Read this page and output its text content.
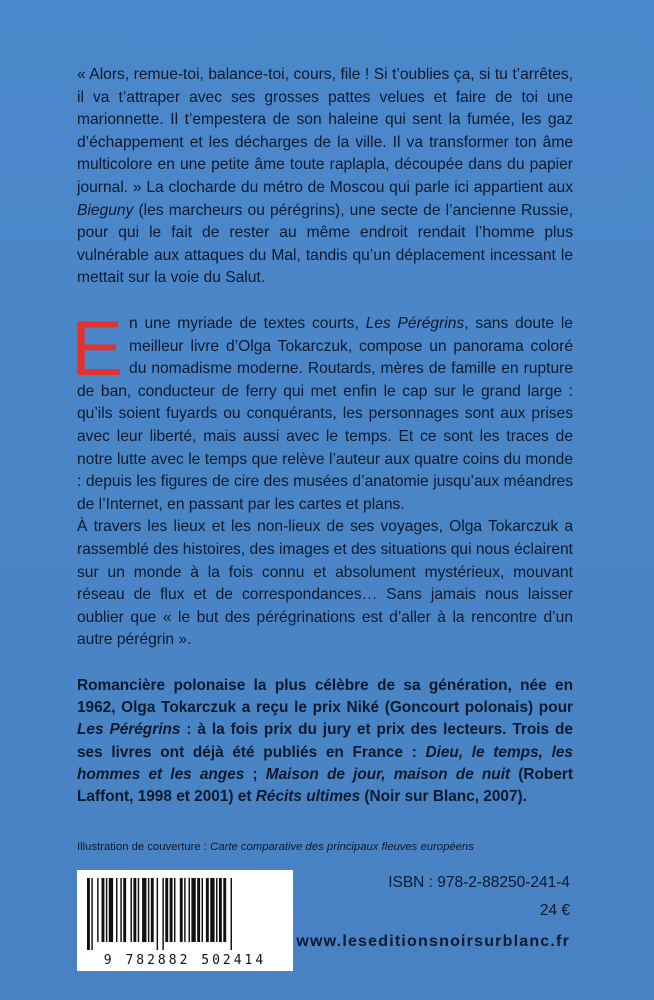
« Alors, remue-toi, balance-toi, cours, file ! Si t’oublies ça, si tu t’arrêtes, il va t’attraper avec ses grosses pattes velues et faire de toi une marionnette. Il t’empestera de son haleine qui sent la fumée, les gaz d’échappement et les décharges de la ville. Il va transformer ton âme multicolore en une petite âme toute raplapla, découpée dans du papier journal. » La clocharde du métro de Moscou qui parle ici appartient aux Bieguny (les marcheurs ou pérégrins), une secte de l’ancienne Russie, pour qui le fait de rester au même endroit rendait l’homme plus vulnérable aux attaques du Mal, tandis qu’un déplacement incessant le mettait sur la voie du Salut.

En une myriade de textes courts, Les Pérégrins, sans doute le meilleur livre d’Olga Tokarczuk, compose un panorama coloré du nomadisme moderne. Routards, mères de famille en rupture de ban, conducteur de ferry qui met enfin le cap sur le grand large : qu’ils soient fuyards ou conquérants, les personnages sont aux prises avec leur liberté, mais aussi avec le temps. Et ce sont les traces de notre lutte avec le temps que relève l’auteur aux quatre coins du monde : depuis les figures de cire des musées d’anatomie jusqu’aux méandres de l’Internet, en passant par les cartes et plans.

À travers les lieux et les non-lieux de ses voyages, Olga Tokarczuk a rassemblé des histoires, des images et des situations qui nous éclairent sur un monde à la fois connu et absolument mystérieux, mouvant réseau de flux et de correspondances… Sans jamais nous laisser oublier que « le but des pérégrinations est d’aller à la rencontre d’un autre pérégrin ».

Romancière polonaise la plus célèbre de sa génération, née en 1962, Olga Tokarczuk a reçu le prix Niké (Goncourt polonais) pour Les Pérégrins : à la fois prix du jury et prix des lecteurs. Trois de ses livres ont déjà été publiés en France : Dieu, le temps, les hommes et les anges ; Maison de jour, maison de nuit (Robert Laffont, 1998 et 2001) et Récits ultimes (Noir sur Blanc, 2007).

Illustration de couverture : Carte comparative des principaux fleuves européens
9 782882 502414
ISBN : 978-2-88250-241-4
24 €
www.leseditionsnoirsurblanc.fr
